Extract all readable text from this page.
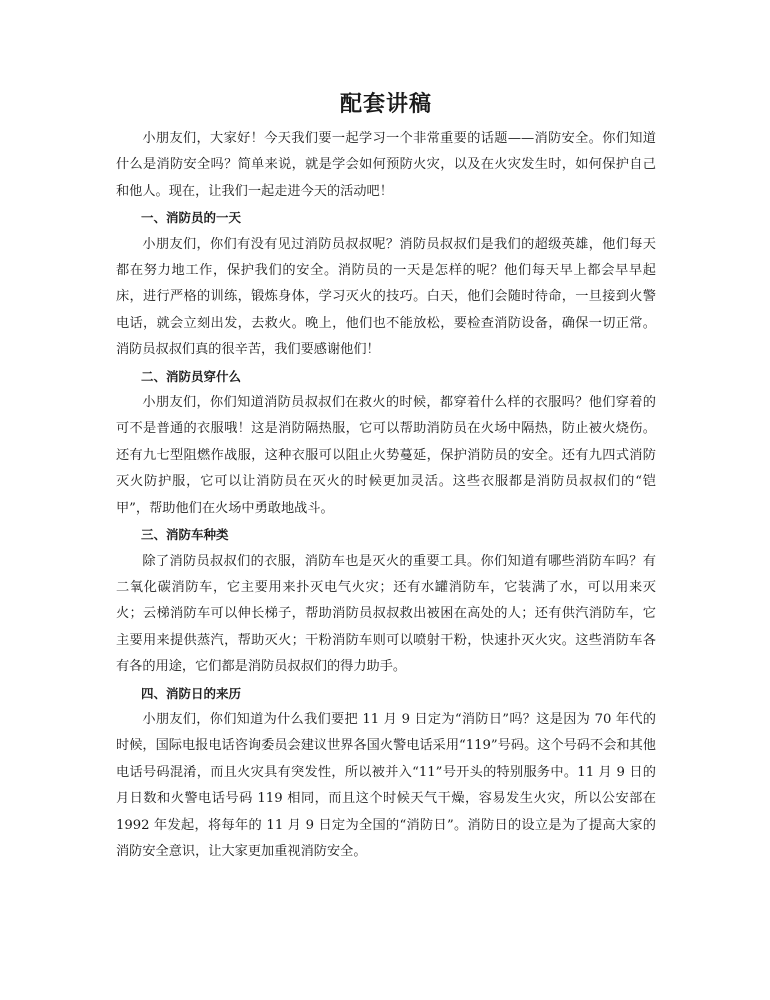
配套讲稿

小朋友们，大家好！今天我们要一起学习一个非常重要的话题——消防安全。你们知道什么是消防安全吗？简单来说，就是学会如何预防火灾，以及在火灾发生时，如何保护自己和他人。现在，让我们一起走进今天的活动吧！

一、消防员的一天

小朋友们，你们有没有见过消防员叔叔呢？消防员叔叔们是我们的超级英雄，他们每天都在努力地工作，保护我们的安全。消防员的一天是怎样的呢？他们每天早上都会早早起床，进行严格的训练，锻炼身体，学习灭火的技巧。白天，他们会随时待命，一旦接到火警电话，就会立刻出发，去救火。晚上，他们也不能放松，要检查消防设备，确保一切正常。消防员叔叔们真的很辛苦，我们要感谢他们！

二、消防员穿什么

小朋友们，你们知道消防员叔叔们在救火的时候，都穿着什么样的衣服吗？他们穿着的可不是普通的衣服哦！这是消防隔热服，它可以帮助消防员在火场中隔热，防止被火烧伤。还有九七型阻燃作战服，这种衣服可以阻止火势蔓延，保护消防员的安全。还有九四式消防灭火防护服，它可以让消防员在灭火的时候更加灵活。这些衣服都是消防员叔叔们的“铠甲”，帮助他们在火场中勇敢地战斗。

三、消防车种类

除了消防员叔叔们的衣服，消防车也是灭火的重要工具。你们知道有哪些消防车吗？有二氧化碳消防车，它主要用来扑灭电气火灾；还有水罐消防车，它装满了水，可以用来灭火；云梯消防车可以伸长梯子，帮助消防员叔叔救出被困在高处的人；还有供汽消防车，它主要用来提供蒸汽，帮助灭火；干粉消防车则可以喷射干粉，快速扑灭火灾。这些消防车各有各的用途，它们都是消防员叔叔们的得力助手。

四、消防日的来历

小朋友们，你们知道为什么我们要把 11 月 9 日定为“消防日”吗？这是因为 70 年代的时候，国际电报电话咨询委员会建议世界各国火警电话采用“119”号码。这个号码不会和其他电话号码混淆，而且火灾具有突发性，所以被并入“11”号开头的特别服务中。11 月 9 日的月日数和火警电话号码 119 相同，而且这个时候天气干燥，容易发生火灾，所以公安部在 1992 年发起，将每年的 11 月 9 日定为全国的“消防日”。消防日的设立是为了提高大家的消防安全意识，让大家更加重视消防安全。
